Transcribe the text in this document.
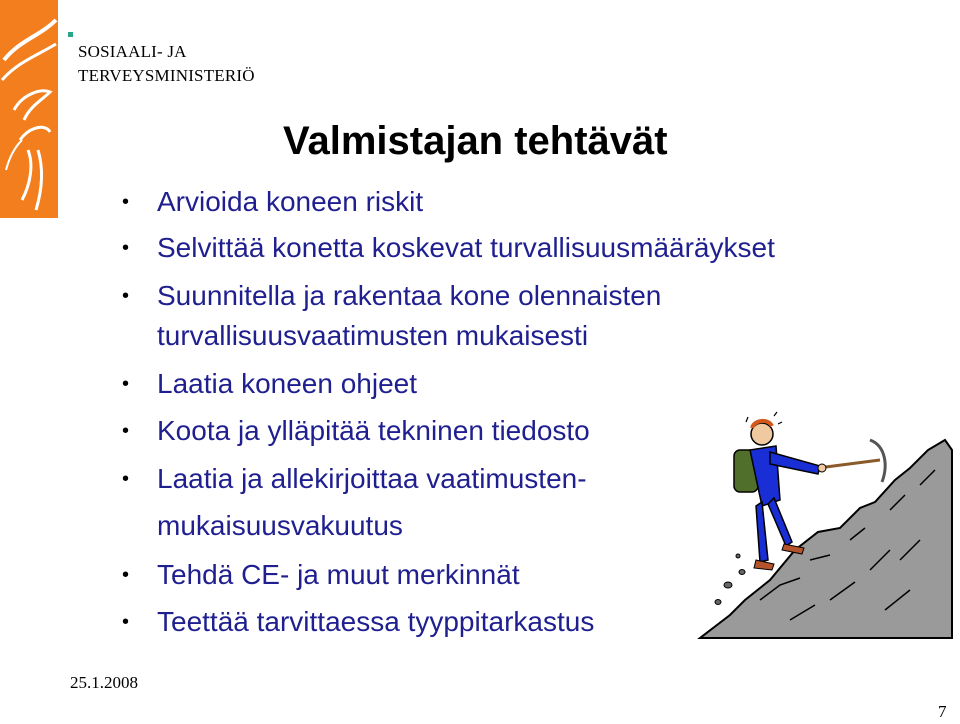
SOSIAALI- JA
TERVEYSMINISTERIÖ
Valmistajan tehtävät
• Arvioida koneen riskit
• Selvittää konetta koskevat turvallisuusmääräykset
• Suunnitella ja rakentaa kone olennaisten
turvallisuusvaatimusten mukaisesti
• Laatia koneen ohjeet
• Koota ja ylläpitää tekninen tiedosto
• Laatia ja allekirjoittaa vaatimusten-
mukaisuusvakuutus
• Tehdä CE- ja muut merkinnät
• Teettää tarvittaessa tyyppitarkastus
25.1.2008
7
